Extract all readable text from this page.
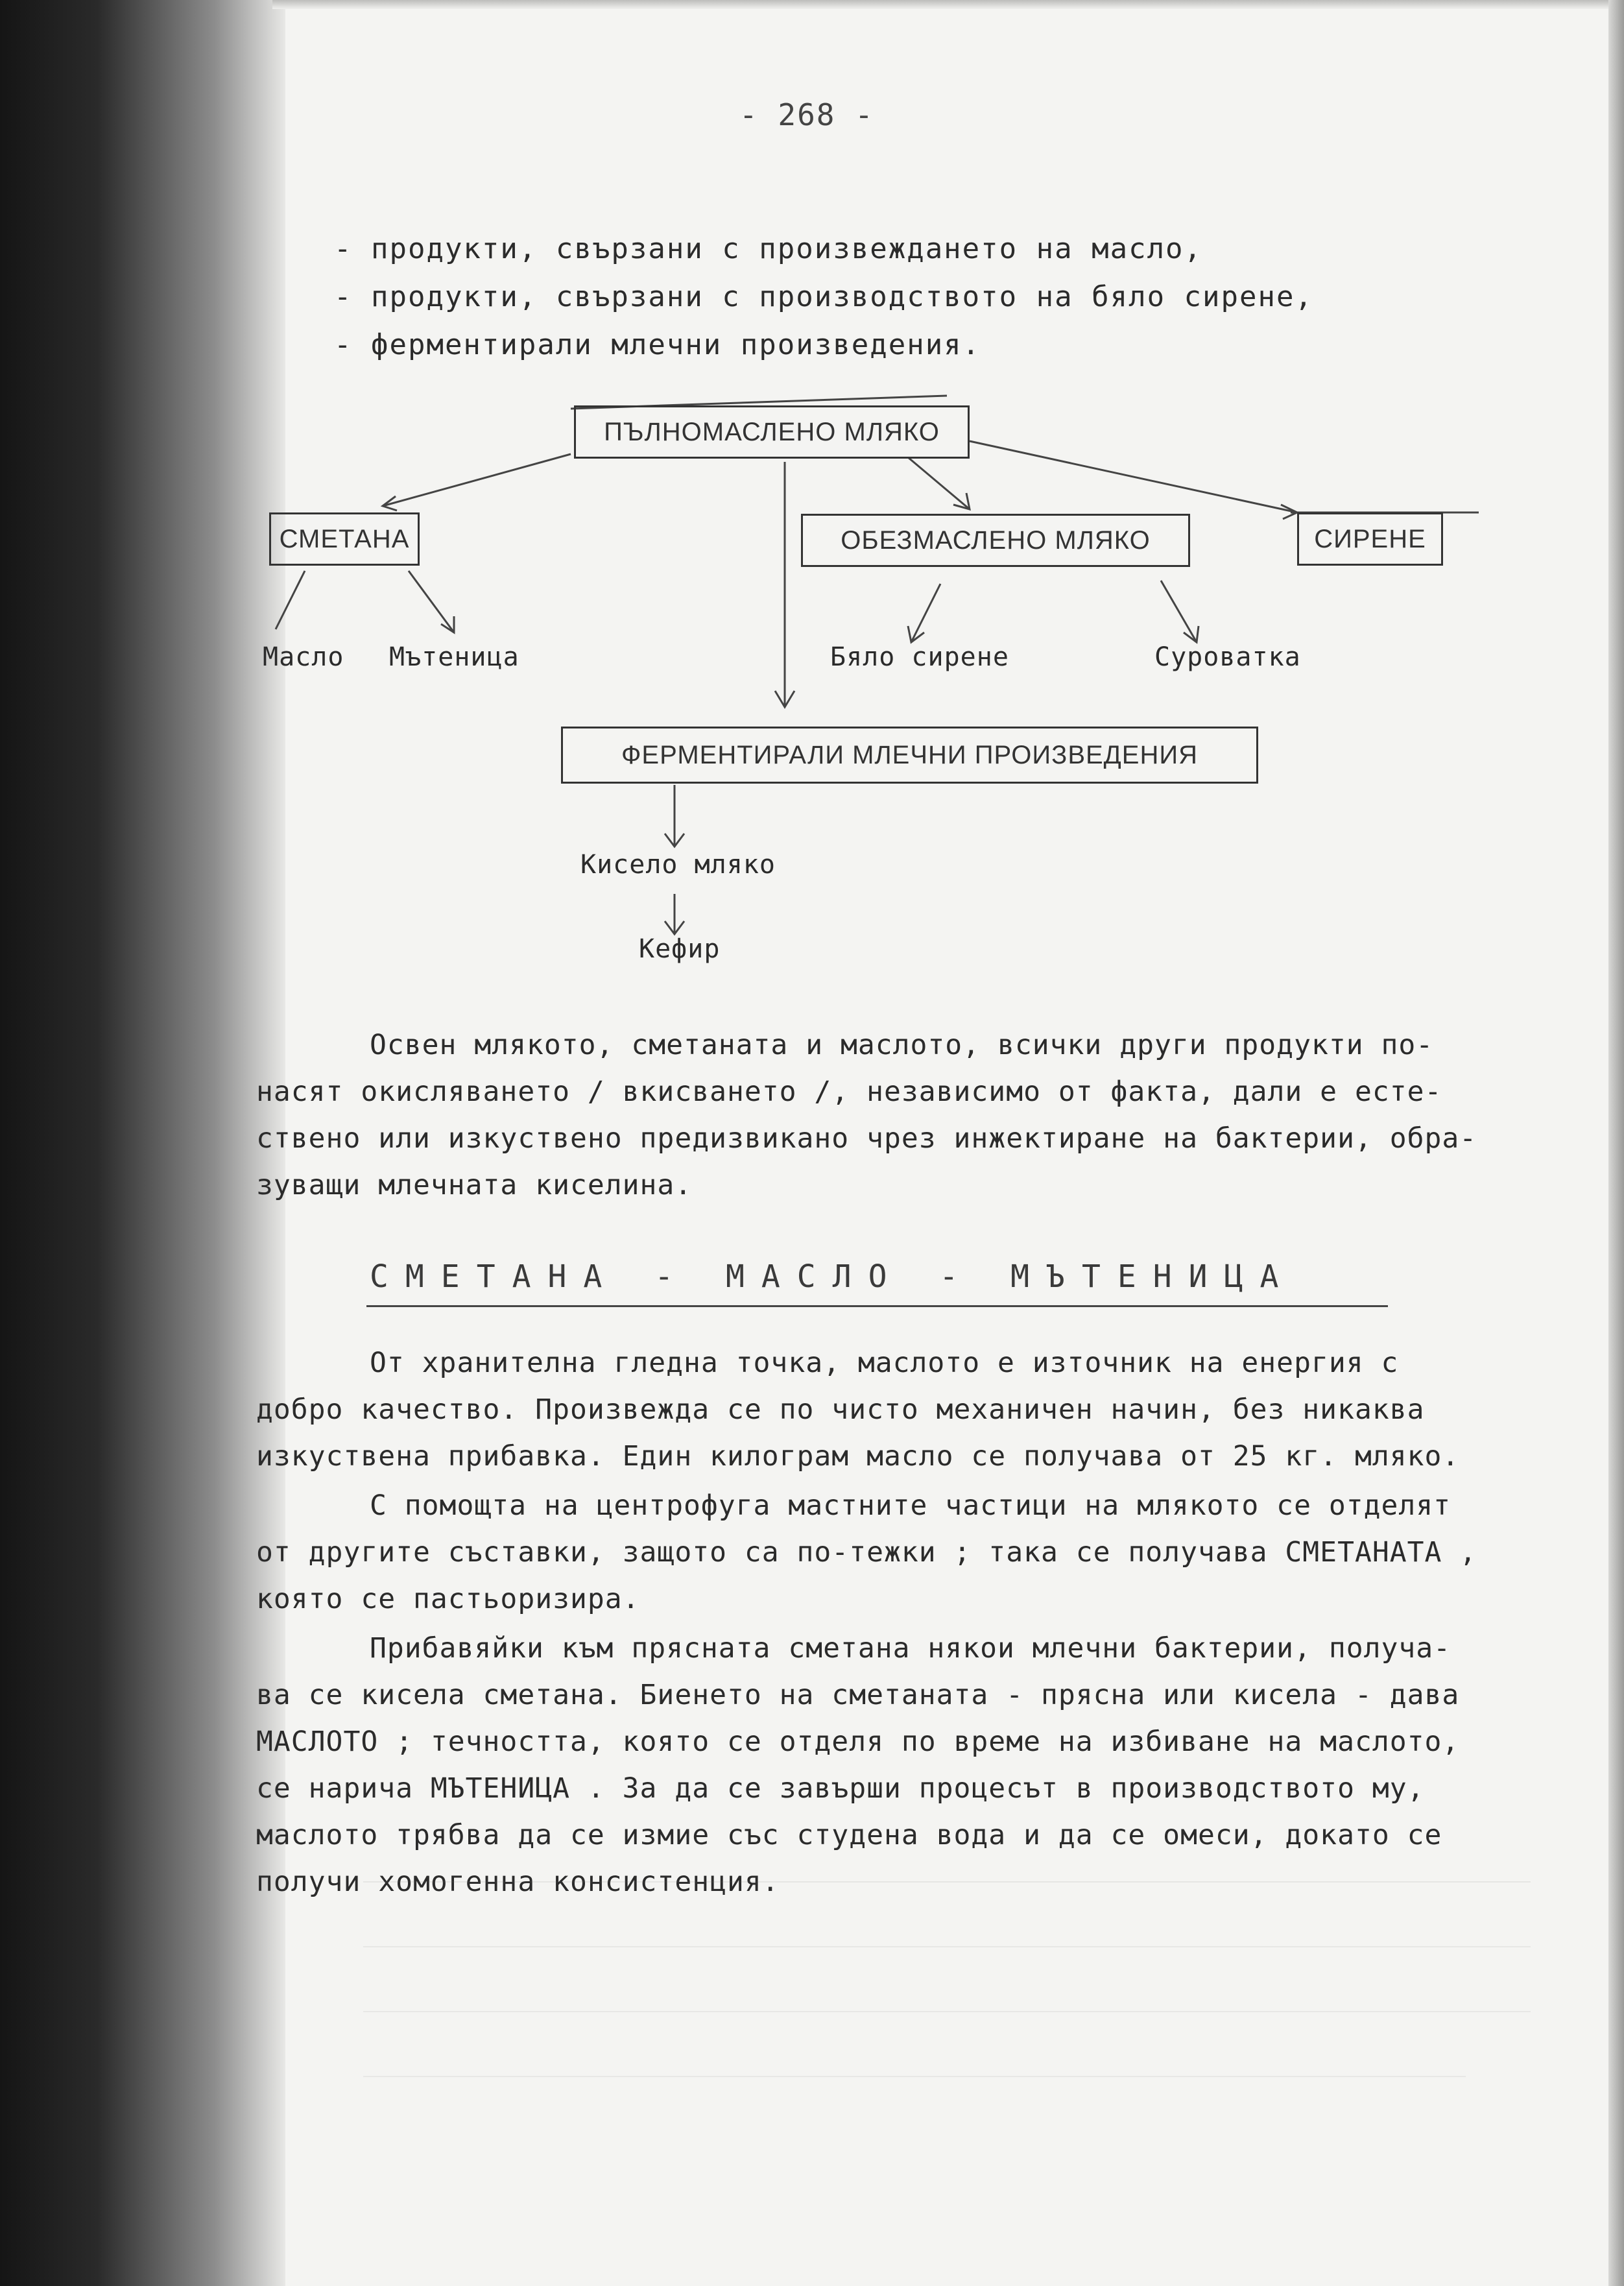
- 268 -
- продукти, свързани с произвеждането на масло,
- продукти, свързани с производството на бяло сирене,
- ферментирали млечни произведения.
ПЪЛНОМАСЛЕНО МЛЯКО
СМЕТАНА	ОБЕЗМАСЛЕНО МЛЯКО	СИРЕНЕ
Масло Мътеница	Бяло сирене	Суроватка
ФЕРМЕНТИРАЛИ МЛЕЧНИ ПРОИЗВЕДЕНИЯ
Кисело мляко
Кефир

Освен млякото, сметаната и маслото, всички други продукти по-

насят окисляването / вкисването /, независимо от факта, дали е есте-

ствено или изкуствено предизвикано чрез инжектиране на бактерии, обра-

зуващи млечната киселина.

СМЕТАНА - МАСЛО - МЪТЕНИЦА

От хранителна гледна точка, маслото е източник на енергия с

добро качество. Произвежда се по чисто механичен начин, без никаква

изкуствена прибавка. Един килограм масло се получава от 25 кг. мляко.

С помощта на центрофуга мастните частици на млякото се отделят

от другите съставки, защото са по-тежки ; така се получава СМЕТАНАТА ,

която се пастьоризира.

Прибавяйки към прясната сметана някои млечни бактерии, получа-

ва се кисела сметана. Биенето на сметаната - прясна или кисела - дава

МАСЛОТО ; течността, която се отделя по време на избиване на маслото,

се нарича МЪТЕНИЦА . За да се завърши процесът в производството му,

маслото трябва да се измие със студена вода и да се омеси, докато се

получи хомогенна консистенция.
